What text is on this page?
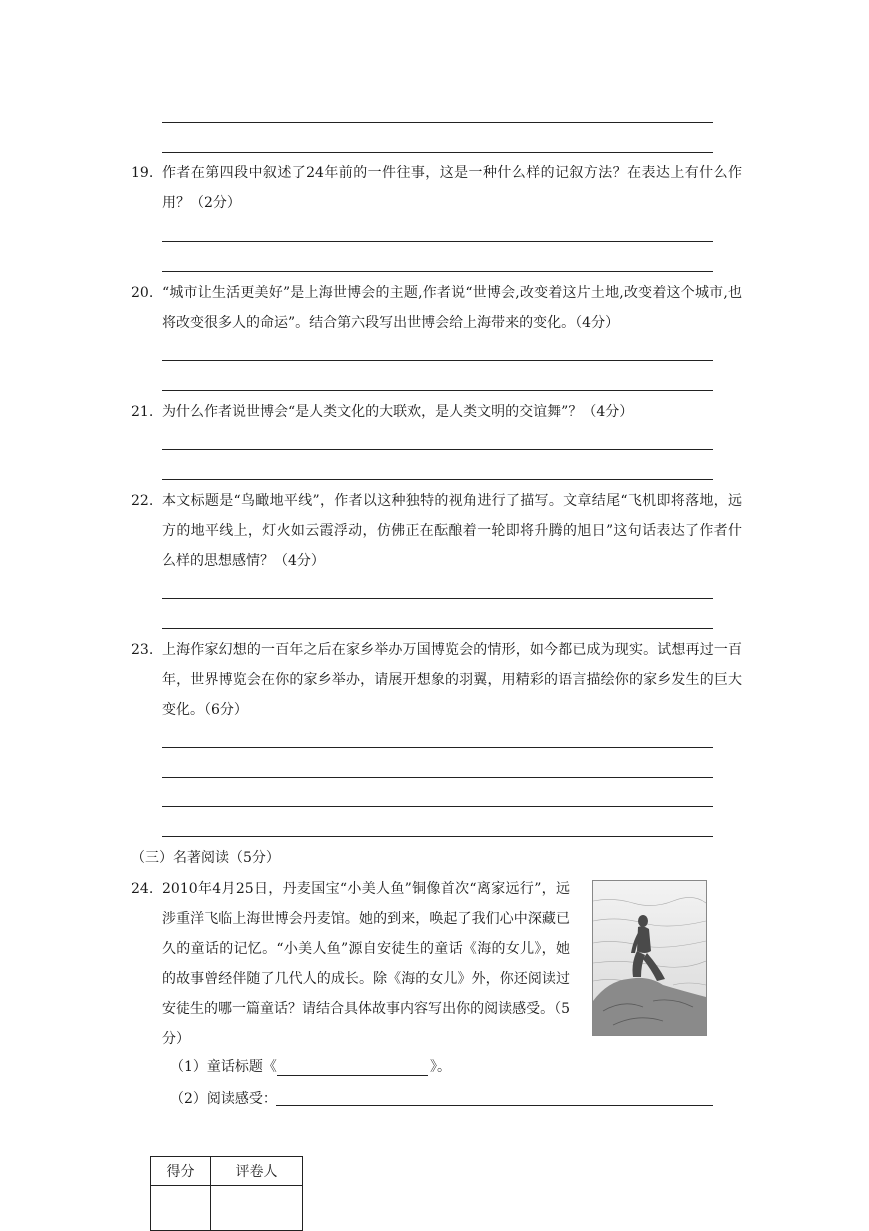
19. 作者在第四段中叙述了24年前的一件往事，这是一种什么样的记叙方法？在表达上有什么作用？（2分）
20. “城市让生活更美好”是上海世博会的主题,作者说“世博会,改变着这片土地,改变着这个城市,也将改变很多人的命运”。结合第六段写出世博会给上海带来的变化。（4分）
21. 为什么作者说世博会“是人类文化的大联欢，是人类文明的交谊舞”？（4分）
22. 本文标题是“鸟瞰地平线”，作者以这种独特的视角进行了描写。文章结尾“飞机即将落地，远方的地平线上，灯火如云霞浮动，仿佛正在酝酿着一轮即将升腾的旭日”这句话表达了作者什么样的思想感情？（4分）
23. 上海作家幻想的一百年之后在家乡举办万国博览会的情形，如今都已成为现实。试想再过一百年，世界博览会在你的家乡举办，请展开想象的羽翼，用精彩的语言描绘你的家乡发生的巨大变化。（6分）
（三）名著阅读（5分）
24. 2010年4月25日，丹麦国宝“小美人鱼”铜像首次“离家远行”，远涉重洋飞临上海世博会丹麦馆。她的到来，唤起了我们心中深藏已久的童话的记忆。“小美人鱼”源自安徒生的童话《海的女儿》，她的故事曾经伴随了几代人的成长。除《海的女儿》外，你还阅读过安徒生的哪一篇童话？请结合具体故事内容写出你的阅读感受。（5分）
（1）童话标题《	》。
（2）阅读感受：
得分	评卷人
